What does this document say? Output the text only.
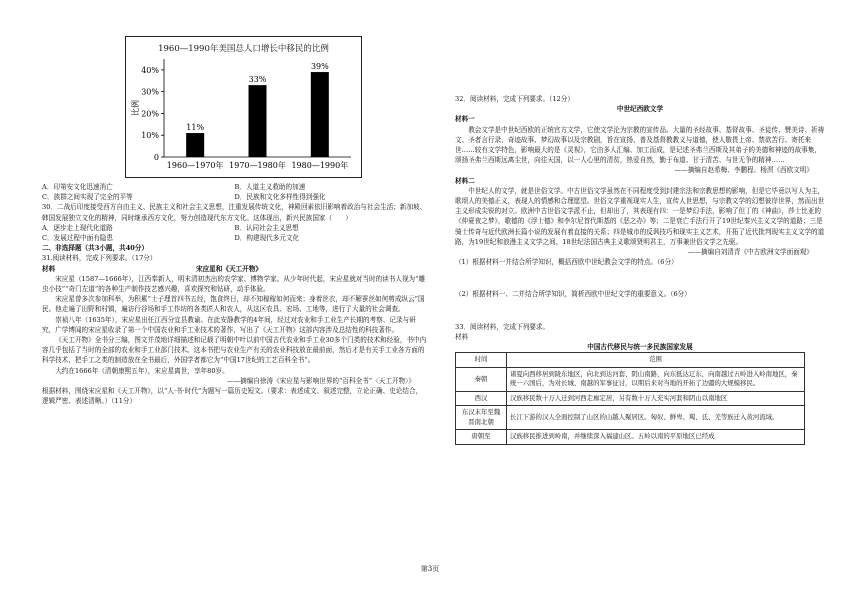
1960—1990年美国总人口增长中移民的比例
0
10%
20%
30%
40%
比例
11%
1960—1970年
33%
1970—1980年
39%
1980—1990年
A．印第安文化迅速消亡	B．人道主义救助的加速
C．族群之间实现了完全的平等	D．民族和文化多样性得到强化
30．二战后印度接受西方自由主义、民族主义和社会主义思想，注重发展传统文化，神殿回素依旧影响着政治与社会生活；新加坡、韩国发展独立文化的精神，同时继承西方文化，努力创造现代东方文化。这体现出，新兴民族国家（　　）
A．逐步走上现代化道路	B．认同社会主义思想
C．发展过程中面有隐患	D．构建现代多元文化
二、非选择题（共3小题，共40分）
31.阅读材料，完成下列要求。（17分）
材料	宋应星和《天工开物》
宋应星（1587—1666年），江西奉新人，明末清初杰出的农学家、博物学家。从少年时代起，宋应星就对当时的读书人视为“雕虫小技”“奇门左道”的各种生产制作技艺感兴趣，喜欢探究和钻研，动手体验。
宋应星曾多次参加科举，为积累“士子理首四书五经，饱食终日，却不知稼稼如何而来；身着丝衣，却不解蚕丝如何剪成纵云”国民。他走遍了田野和村镇，遍访行谷场和手工作坊的各类匠人和农人，从这区农具、宏场、工地等，进行了大量的社会调查。
崇祯八年（1635年），宋应星出任江西分宜县教谕。在此安静教学的4年间，经过对农业和手工业生产长期的考察、记录与研究，广学博闻的宋应星收录了第一个中国农业和手工业技术的著作，写出了《天工开物》这部内容涉及总结性的科技著作。
《天工开物》全书分三编，图文并茂地详细描述和记载了明朝中叶以前中国古代农业和手工业30多个门类的技术和经验，书中内容几乎包括了当时的全部的农业和手工业部门技术。这本书把与农业生产有关的农业科技放在最前面，然后才是有关手工业各方面的科学技术，把手工之类的制造放在全书最后，外国学者都它为“中国17世纪的工艺百科全书”。
大约在1666年（清朝康熙五年），宋应星离世，享年80岁。
——摘编自徐涛《宋应星与影响世界的“百科全书”〈天工开物〉》
根据材料，围绕宋应星和《天工开物》，以“人·书·时代”为题写一篇历史短文。（要求：表述成文、叙述完整，立论正确、史论结合，逻辑严密、表述清晰。）（11分）
32．阅读材料，完成下列要求。（12分）
中世纪西欧文学
材料一
教会文学是中世纪西欧的正统官方文学，它使文学沦为宗教的宣传品。大量的圣经故事、基督故事、圣徒传、赞美诗、祈祷文、圣者言行录、奇迹故事、梦幻故事以及宗教剧，旨在宣扬、普及基督教教义与道德，使人敬畏上帝、禁欲苦行、寄托来世……较有文学特色，影响最大的是《灵视》，它由多人汇编、加工而成，是记述圣弗兰西斯及其弟子的美德和神迹的故事集，颂扬圣弗兰西斯远离尘世，向往天国，以一人心里的清贫，热爱自然，勤于布道、甘于清苦、与世无争的精神……
——摘编自赵希梅、李鹏程、杨溟《西欧文明》
材料二
中世纪人的文学，就是世俗文学。中古世俗文学虽然在不同程度受到封建宗法和宗教思想的影响，但是它毕竟以写人为主，歌颂人的美德正义，表现人的情感和合理愿望。世俗文学重视现实人生，宣传人世思想，与宗教文学的幻想彼岸世界，然而出世主义形成尖锐的对立。欧洲中古世俗文学派不止，但却出了，其表现有四：一是梦幻手法，影响了但丁的《神曲》，莎士比亚的《仲夏夜之梦》，歌德的《浮士德》和李尔尼首代斯基的《恶之办》等；二是衰亡手法行开了19世纪秦兴主义文学的道路；三是骑士传奇与近代欧洲长篇小说的发展有着直接的关系；四是城市的反讽技巧和现实主义艺术，开拓了近代批判现实主义文学的道路，为19世纪和浪漫主义文学之间，18世纪法国古典主义歌颂贤明君主，万事兼世俗文学之先驱。
——摘编自刘清青《中古欧洲文学面面观》
（1）根据材料一并结合所学知识，概括西欧中世纪教会文学的特点。（6分）
（2）根据材料一、二并结合所学知识，简析西欧中世纪文学的重要意义。（6分）
33．阅读材料，完成下列要求。
材料
中国古代移民与统一多民族国家发展
时间	范围
秦朝	诸夏向西移居到陇东地区，向北到达河套、阴山南路，向东抵达辽东，向南越过五岭进入岭南地区，秦统一六国后，为对长城、南越的军事征讨，以期后来对当地的开拓了边疆的大规模移民。
西汉	汉族移民数十万人迁到河西走廊定居，另有数十万人充实河套和阴山以南地区
东汉末年至魏晋南北朝	长江下游的汉人全面控制了山区的山越人聚居区。匈奴、鲜卑、羯、氐、羌等族迁入黄河流域。
唐朝至	汉族移民推进到岭南，并继续深入福建山区。五岭以南的平原地区已经成
第3页
